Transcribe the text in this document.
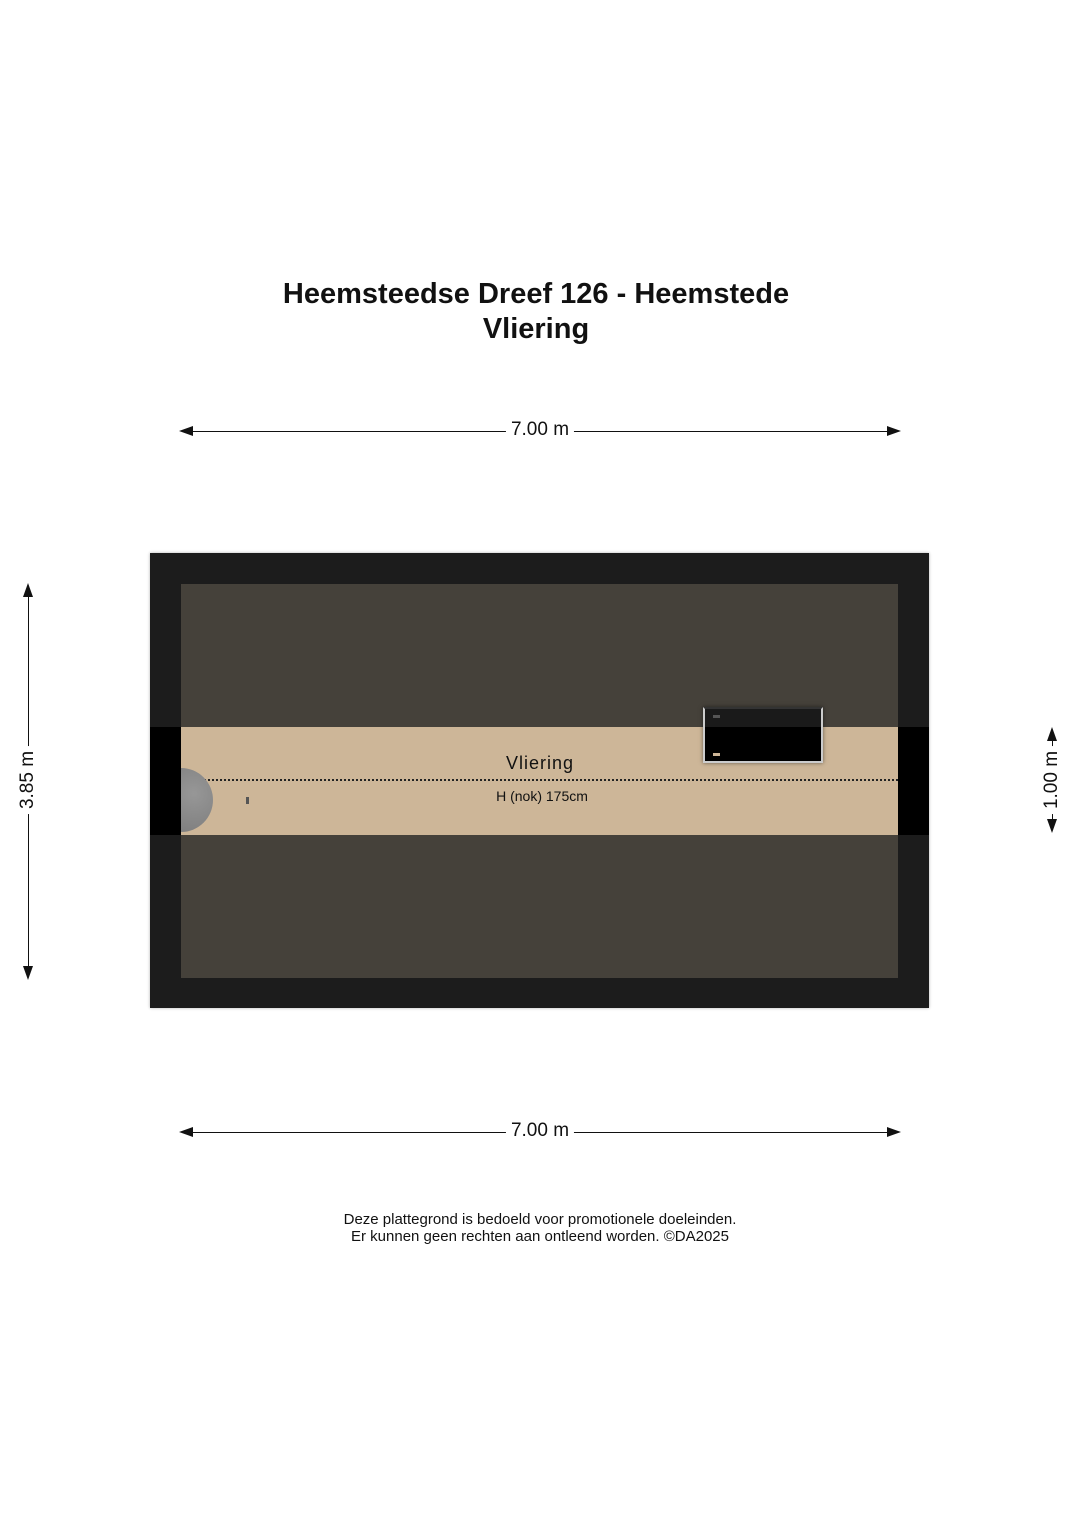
Heemsteedse Dreef 126 - Heemstede
Vliering
7.00 m
7.00 m
3.85 m	1.00 m
Vliering
H (nok) 175cm
Deze plattegrond is bedoeld voor promotionele doeleinden.
Er kunnen geen rechten aan ontleend worden. ©DA2025
